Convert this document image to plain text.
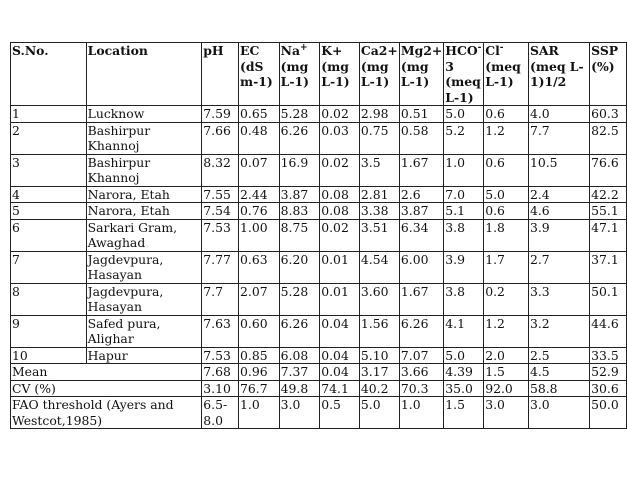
S.No.	Location	pH	EC (dS m-1)	Na+ (mg L-1)	K+ (mg L-1)	Ca2+ (mg L-1)	Mg2+ (mg L-1)	HCO- 3 (meq L-1)	Cl- (meq L-1)	SAR (meq L-1)1/2	SSP (%)
1	Lucknow	7.59	0.65	5.28	0.02	2.98	0.51	5.0	0.6	4.0	60.3
2	Bashirpur Khannoj	7.66	0.48	6.26	0.03	0.75	0.58	5.2	1.2	7.7	82.5
3	Bashirpur Khannoj	8.32	0.07	16.9	0.02	3.5	1.67	1.0	0.6	10.5	76.6
4	Narora, Etah	7.55	2.44	3.87	0.08	2.81	2.6	7.0	5.0	2.4	42.2
5	Narora, Etah	7.54	0.76	8.83	0.08	3.38	3.87	5.1	0.6	4.6	55.1
6	Sarkari Gram, Awaghad	7.53	1.00	8.75	0.02	3.51	6.34	3.8	1.8	3.9	47.1
7	Jagdevpura, Hasayan	7.77	0.63	6.20	0.01	4.54	6.00	3.9	1.7	2.7	37.1
8	Jagdevpura, Hasayan	7.7	2.07	5.28	0.01	3.60	1.67	3.8	0.2	3.3	50.1
9	Safed pura, Alighar	7.63	0.60	6.26	0.04	1.56	6.26	4.1	1.2	3.2	44.6
10	Hapur	7.53	0.85	6.08	0.04	5.10	7.07	5.0	2.0	2.5	33.5
Mean		7.68	0.96	7.37	0.04	3.17	3.66	4.39	1.5	4.5	52.9
CV (%)		3.10	76.7	49.8	74.1	40.2	70.3	35.0	92.0	58.8	30.6
FAO threshold (Ayers and Westcot,1985)		6.5-8.0	1.0	3.0	0.5	5.0	1.0	1.5	3.0	3.0	50.0
